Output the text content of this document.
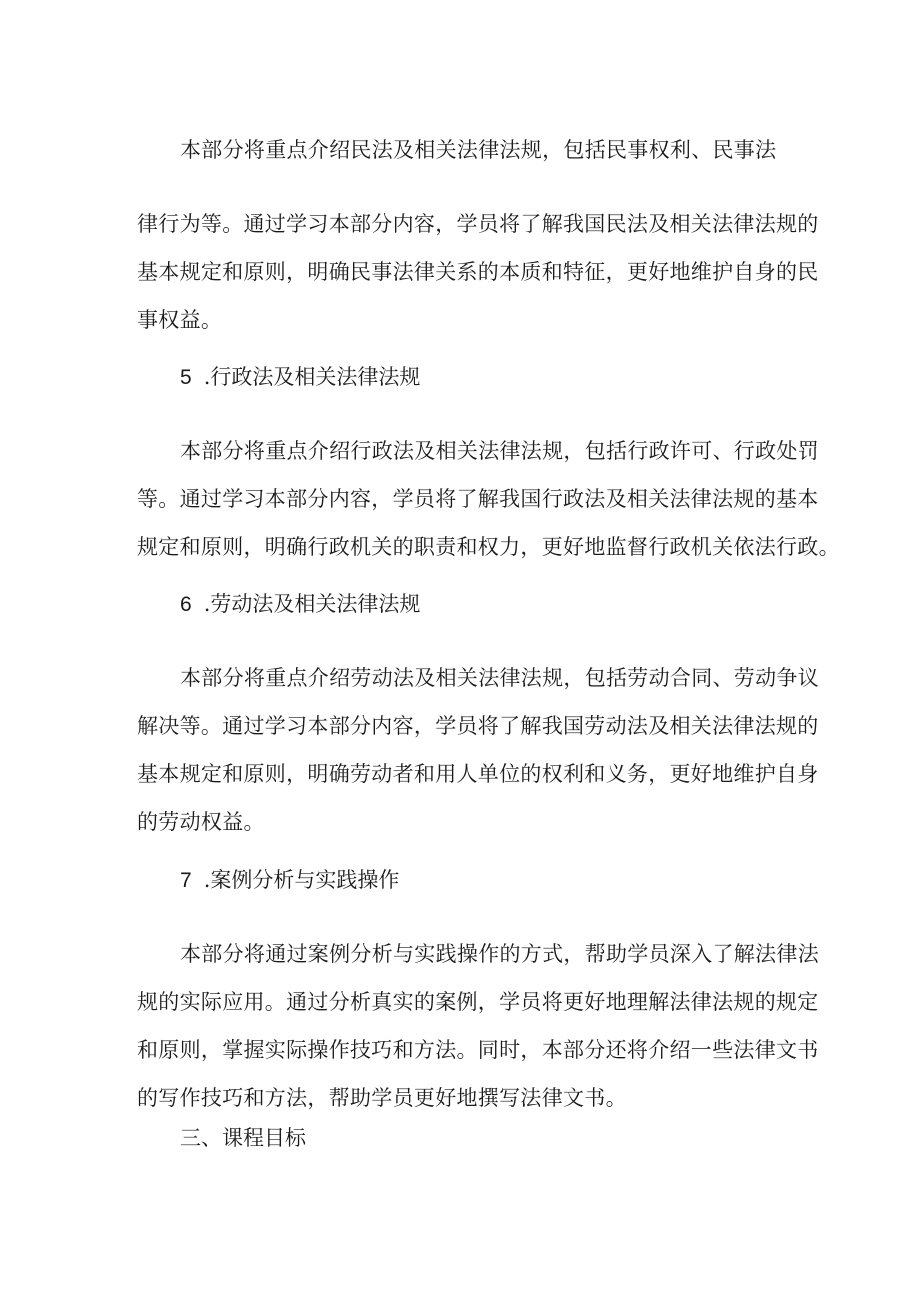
本部分将重点介绍民法及相关法律法规，包括民事权利、民事法
律行为等。通过学习本部分内容，学员将了解我国民法及相关法律法规的
基本规定和原则，明确民事法律关系的本质和特征，更好地维护自身的民
事权益。
5 .行政法及相关法律法规
本部分将重点介绍行政法及相关法律法规，包括行政许可、行政处罚
等。通过学习本部分内容，学员将了解我国行政法及相关法律法规的基本
规定和原则，明确行政机关的职责和权力，更好地监督行政机关依法行政。
6 .劳动法及相关法律法规
本部分将重点介绍劳动法及相关法律法规，包括劳动合同、劳动争议
解决等。通过学习本部分内容，学员将了解我国劳动法及相关法律法规的
基本规定和原则，明确劳动者和用人单位的权利和义务，更好地维护自身
的劳动权益。
7 .案例分析与实践操作
本部分将通过案例分析与实践操作的方式，帮助学员深入了解法律法
规的实际应用。通过分析真实的案例，学员将更好地理解法律法规的规定
和原则，掌握实际操作技巧和方法。同时，本部分还将介绍一些法律文书
的写作技巧和方法，帮助学员更好地撰写法律文书。
三、课程目标
